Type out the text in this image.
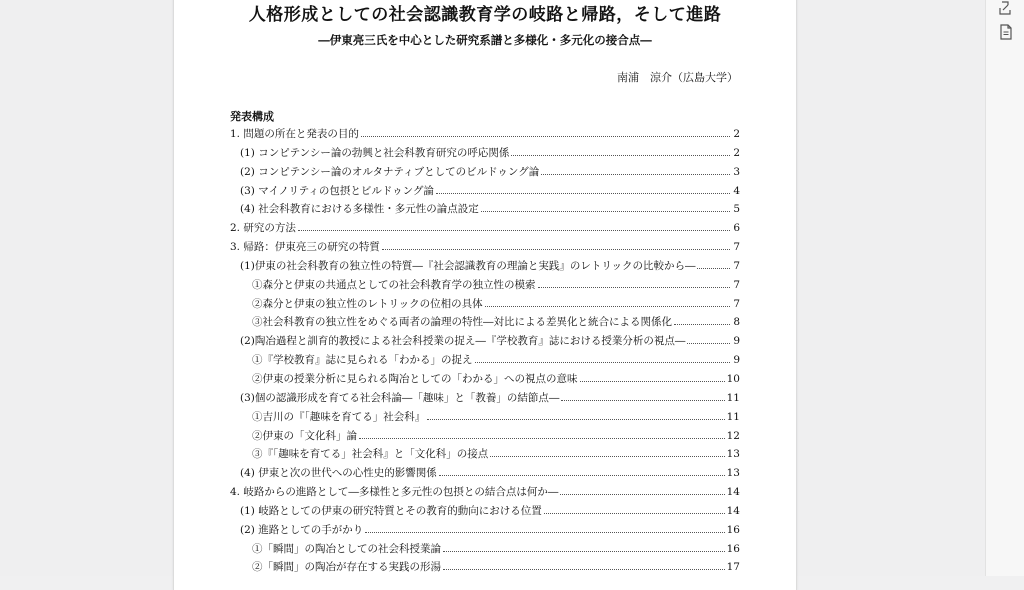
人格形成としての社会認識教育学の岐路と帰路，そして進路
―伊東亮三氏を中心とした研究系譜と多様化・多元化の接合点―
南浦　涼介（広島大学）
発表構成
1. 問題の所在と発表の目的	2
(1) コンピテンシー論の勃興と社会科教育研究の呼応関係	2
(2) コンピテンシー論のオルタナティブとしてのビルドゥング論	3
(3) マイノリティの包摂とビルドゥング論	4
(4) 社会科教育における多様性・多元性の論点設定	5
2. 研究の方法	6
3. 帰路：伊東亮三の研究の特質	7
(1)伊東の社会科教育の独立性の特質―『社会認識教育の理論と実践』のレトリックの比較から―	7
①森分と伊東の共通点としての社会科教育学の独立性の模索	7
②森分と伊東の独立性のレトリックの位相の具体	7
③社会科教育の独立性をめぐる両者の論理の特性―対比による差異化と統合による関係化	8
(2)陶冶過程と訓育的教授による社会科授業の捉え―『学校教育』誌における授業分析の視点―	9
①『学校教育』誌に見られる「わかる」の捉え	9
②伊東の授業分析に見られる陶冶としての「わかる」への視点の意味	10
(3)個の認識形成を育てる社会科論―「趣味」と「教養」の結節点―	11
①吉川の『「趣味を育てる」社会科』	11
②伊東の「文化科」論	12
③『「趣味を育てる」社会科』と「文化科」の接点	13
(4) 伊東と次の世代への心性史的影響関係	13
4. 岐路からの進路として―多様性と多元性の包摂との結合点は何か―	14
(1) 岐路としての伊東の研究特質とその教育的動向における位置	14
(2) 進路としての手がかり	16
①「瞬間」の陶冶としての社会科授業論	16
②「瞬間」の陶冶が存在する実践の形湯	17
